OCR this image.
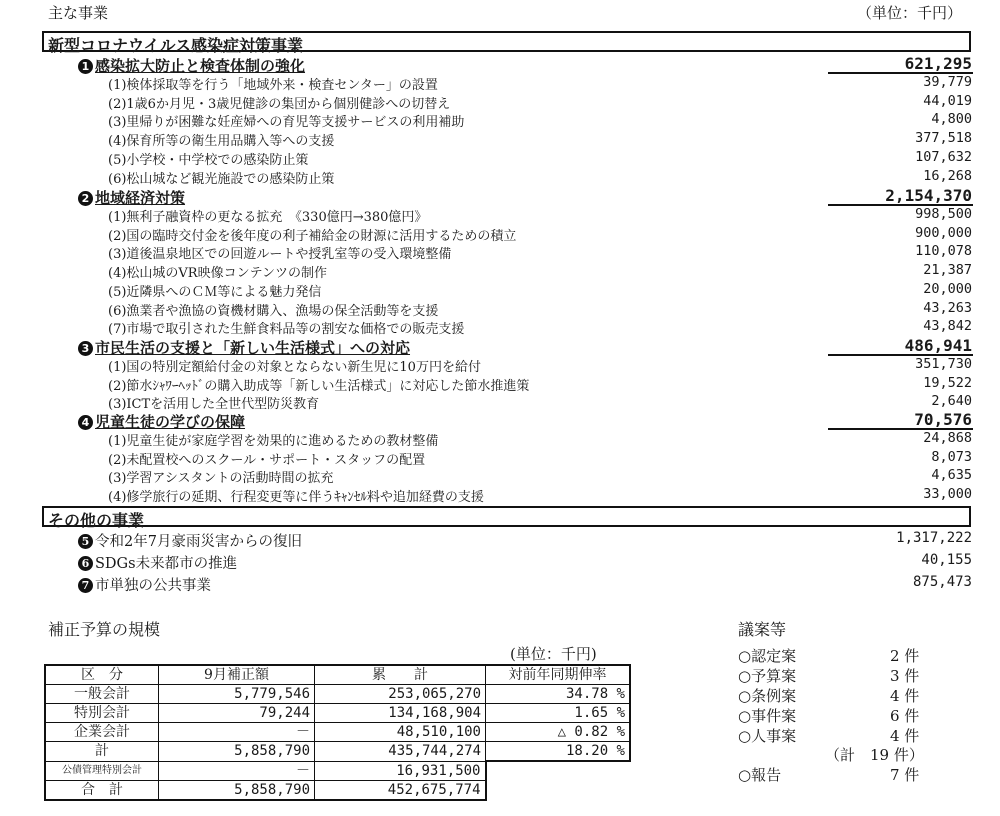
主な事業	（単位：千円）
新型コロナウイルス感染症対策事業
1 感染拡大防止と検査体制の強化	621,295
(1)検体採取等を行う「地域外来・検査センター」の設置	39,779
(2)1歳6か月児・3歳児健診の集団から個別健診への切替え	44,019
(3)里帰りが困難な妊産婦への育児等支援サービスの利用補助	4,800
(4)保育所等の衛生用品購入等への支援	377,518
(5)小学校・中学校での感染防止策	107,632
(6)松山城など観光施設での感染防止策	16,268
2 地域経済対策	2,154,370
(1)無利子融資枠の更なる拡充　《330億円→380億円》	998,500
(2)国の臨時交付金を後年度の利子補給金の財源に活用するための積立	900,000
(3)道後温泉地区での回遊ルートや授乳室等の受入環境整備	110,078
(4)松山城のVR映像コンテンツの制作	21,387
(5)近隣県へのＣＭ等による魅力発信	20,000
(6)漁業者や漁協の資機材購入、漁場の保全活動等を支援	43,263
(7)市場で取引された生鮮食料品等の割安な価格での販売支援	43,842
3 市民生活の支援と「新しい生活様式」への対応	486,941
(1)国の特別定額給付金の対象とならない新生児に10万円を給付	351,730
(2)節水ｼｬﾜｰﾍｯﾄﾞの購入助成等「新しい生活様式」に対応した節水推進策	19,522
(3)ICTを活用した全世代型防災教育	2,640
4 児童生徒の学びの保障	70,576
(1)児童生徒が家庭学習を効果的に進めるための教材整備	24,868
(2)未配置校へのスクール・サポート・スタッフの配置	8,073
(3)学習アシスタントの活動時間の拡充	4,635
(4)修学旅行の延期、行程変更等に伴うｷｬﾝｾﾙ料や追加経費の支援	33,000
その他の事業
5 令和2年7月豪雨災害からの復旧	1,317,222
6 SDGs未来都市の推進	40,155
7 市単独の公共事業	875,473
補正予算の規模
(単位：千円)
区　分	9月補正額	累　　計	対前年同期伸率
一般会計	5,779,546	253,065,270	34.78 %
特別会計	79,244	134,168,904	1.65 %
企業会計	－	48,510,100	△ 0.82 %
計	5,858,790	435,744,274	18.20 %
公債管理特別会計	－	16,931,500	
合　計	5,858,790	452,675,774	
議案等
○認定案	2 件
○予算案	3 件
○条例案	4 件
○事件案	6 件
○人事案	4 件
（計　19 件）
○報告	7 件
